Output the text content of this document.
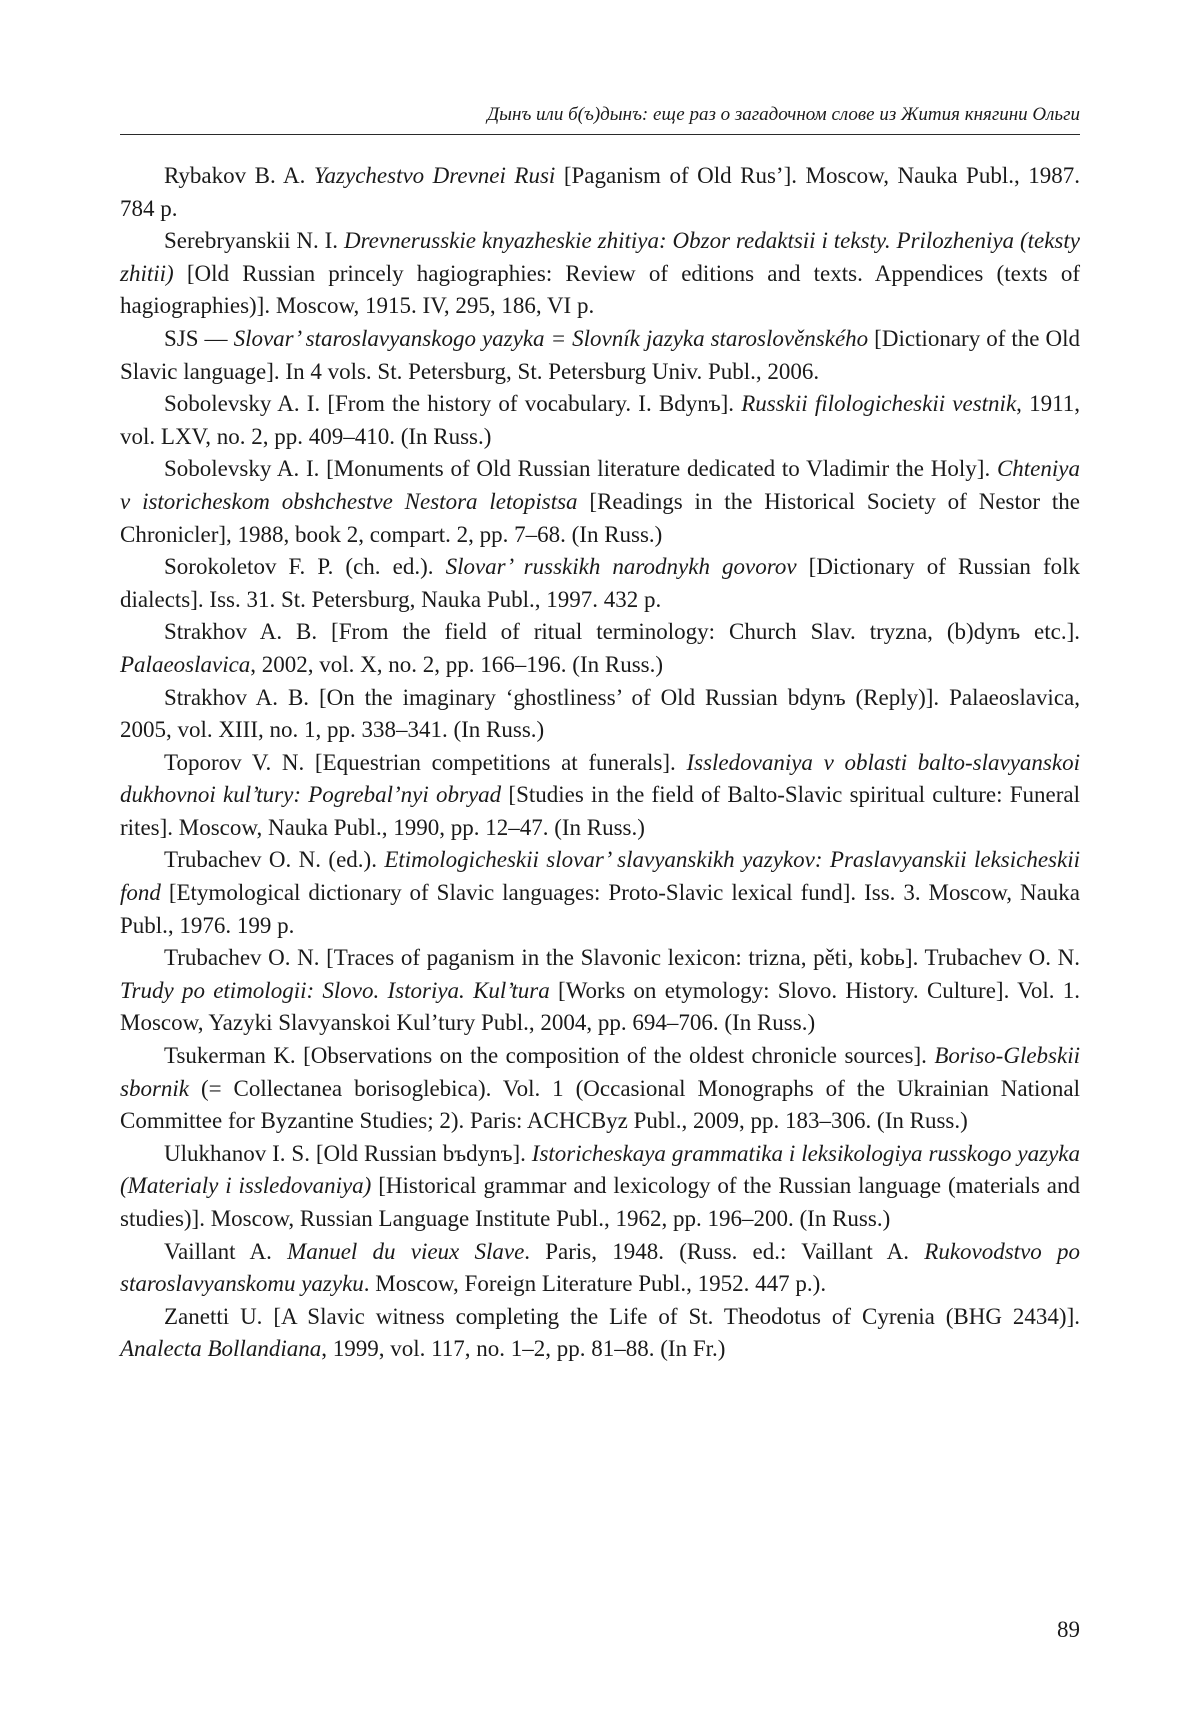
Дынъ или б(ъ)дынъ: еще раз о загадочном слове из Жития княгини Ольги

Rybakov B. A. Yazychestvo Drevnei Rusi [Paganism of Old Rus’]. Moscow, Nauka Publ., 1987. 784 p.

Serebryanskii N. I. Drevnerusskie knyazheskie zhitiya: Obzor redaktsii i teksty. Prilozheniya (teksty zhitii) [Old Russian princely hagiographies: Review of editions and texts. Appendices (texts of hagiographies)]. Moscow, 1915. IV, 295, 186, VI p.

SJS — Slovar’ staroslavyanskogo yazyka = Slovník jazyka staroslověnského [Dictionary of the Old Slavic language]. In 4 vols. St. Petersburg, St. Petersburg Univ. Publ., 2006.

Sobolevsky A. I. [From the history of vocabulary. I. Bdynъ]. Russkii filologicheskii vestnik, 1911, vol. LXV, no. 2, pp. 409–410. (In Russ.)

Sobolevsky A. I. [Monuments of Old Russian literature dedicated to Vladimir the Holy]. Chteniya v istoricheskom obshchestve Nestora letopistsa [Readings in the Historical Society of Nestor the Chronicler], 1988, book 2, compart. 2, pp. 7–68. (In Russ.)

Sorokoletov F. P. (ch. ed.). Slovar’ russkikh narodnykh govorov [Dictionary of Russian folk dialects]. Iss. 31. St. Petersburg, Nauka Publ., 1997. 432 p.

Strakhov A. B. [From the field of ritual terminology: Church Slav. tryzna, (b)dynъ etc.]. Palaeoslavica, 2002, vol. X, no. 2, pp. 166–196. (In Russ.)

Strakhov A. B. [On the imaginary ‘ghostliness’ of Old Russian bdynъ (Reply)]. Palaeoslavica, 2005, vol. XIII, no. 1, pp. 338–341. (In Russ.)

Toporov V. N. [Equestrian competitions at funerals]. Issledovaniya v oblasti balto-slavyanskoi dukhovnoi kul’tury: Pogrebal’nyi obryad [Studies in the field of Balto-Slavic spiritual culture: Funeral rites]. Moscow, Nauka Publ., 1990, pp. 12–47. (In Russ.)

Trubachev O. N. (ed.). Etimologicheskii slovar’ slavyanskikh yazykov: Praslavyanskii leksicheskii fond [Etymological dictionary of Slavic languages: Proto-Slavic lexical fund]. Iss. 3. Moscow, Nauka Publ., 1976. 199 p.

Trubachev O. N. [Traces of paganism in the Slavonic lexicon: trizna, pěti, kobь]. Trubachev O. N. Trudy po etimologii: Slovo. Istoriya. Kul’tura [Works on etymology: Slovo. History. Culture]. Vol. 1. Moscow, Yazyki Slavyanskoi Kul’tury Publ., 2004, pp. 694–706. (In Russ.)

Tsukerman K. [Observations on the composition of the oldest chronicle sources]. Boriso-Glebskii sbornik (= Collectanea borisoglebica). Vol. 1 (Occasional Monographs of the Ukrainian National Committee for Byzantine Studies; 2). Paris: ACHCByz Publ., 2009, pp. 183–306. (In Russ.)

Ulukhanov I. S. [Old Russian bъdynъ]. Istoricheskaya grammatika i leksikologiya russkogo yazyka (Materialy i issledovaniya) [Historical grammar and lexicology of the Russian language (materials and studies)]. Moscow, Russian Language Institute Publ., 1962, pp. 196–200. (In Russ.)

Vaillant A. Manuel du vieux Slave. Paris, 1948. (Russ. ed.: Vaillant A. Rukovodstvo po staroslavyanskomu yazyku. Moscow, Foreign Literature Publ., 1952. 447 p.).

Zanetti U. [A Slavic witness completing the Life of St. Theodotus of Cyrenia (BHG 2434)]. Analecta Bollandiana, 1999, vol. 117, no. 1–2, pp. 81–88. (In Fr.)

89
